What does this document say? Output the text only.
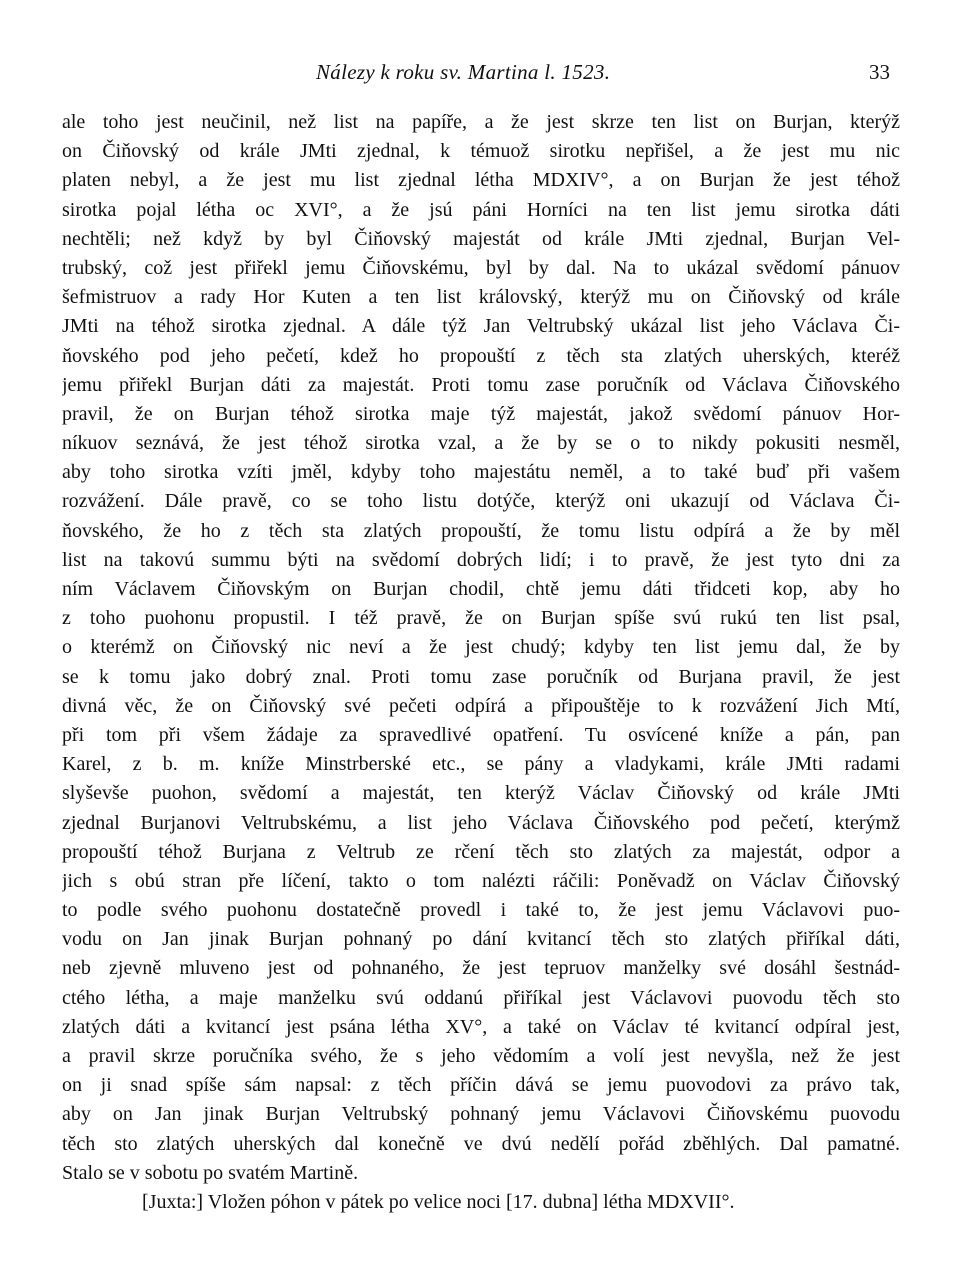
Nálezy k roku sv. Martina l. 1523.	33
ale toho jest neučinil, než list na papíře, a že jest skrze ten list on Burjan, kterýž
on Čiňovský od krále JMti zjednal, k témuož sirotku nepřišel, a že jest mu nic
platen nebyl, a že jest mu list zjednal létha MDXIV°, a on Burjan že jest téhož
sirotka pojal létha oc XVI°, a že jsú páni Horníci na ten list jemu sirotka dáti
nechtěli; než když by byl Čiňovský majestát od krále JMti zjednal, Burjan Vel-
trubský, což jest přiřekl jemu Čiňovskému, byl by dal. Na to ukázal svědomí pánuov
šefmistruov a rady Hor Kuten a ten list královský, kterýž mu on Čiňovský od krále
JMti na téhož sirotka zjednal. A dále týž Jan Veltrubský ukázal list jeho Václava Či-
ňovského pod jeho pečetí, kdež ho propouští z těch sta zlatých uherských, kteréž
jemu přiřekl Burjan dáti za majestát. Proti tomu zase poručník od Václava Čiňovského
pravil, že on Burjan téhož sirotka maje týž majestát, jakož svědomí pánuov Hor-
níkuov seznává, že jest téhož sirotka vzal, a že by se o to nikdy pokusiti nesměl,
aby toho sirotka vzíti jměl, kdyby toho majestátu neměl, a to také buď při vašem
rozvážení. Dále pravě, co se toho listu dotýče, kterýž oni ukazují od Václava Či-
ňovského, že ho z těch sta zlatých propouští, že tomu listu odpírá a že by měl
list na takovú summu býti na svědomí dobrých lidí; i to pravě, že jest tyto dni za
ním Václavem Čiňovským on Burjan chodil, chtě jemu dáti třidceti kop, aby ho
z toho puohonu propustil. I též pravě, že on Burjan spíše svú rukú ten list psal,
o kterémž on Čiňovský nic neví a že jest chudý; kdyby ten list jemu dal, že by
se k tomu jako dobrý znal. Proti tomu zase poručník od Burjana pravil, že jest
divná věc, že on Čiňovský své pečeti odpírá a připouštěje to k rozvážení Jich Mtí,
při tom při všem žádaje za spravedlivé opatření. Tu osvícené kníže a pán, pan
Karel, z b. m. kníže Minstrberské etc., se pány a vladykami, krále JMti radami
slyševše puohon, svědomí a majestát, ten kterýž Václav Čiňovský od krále JMti
zjednal Burjanovi Veltrubskému, a list jeho Václava Čiňovského pod pečetí, kterýmž
propouští téhož Burjana z Veltrub ze rčení těch sto zlatých za majestát, odpor a
jich s obú stran pře líčení, takto o tom nalézti ráčili: Poněvadž on Václav Čiňovský
to podle svého puohonu dostatečně provedl i také to, že jest jemu Václavovi puo-
vodu on Jan jinak Burjan pohnaný po dání kvitancí těch sto zlatých přiříkal dáti,
neb zjevně mluveno jest od pohnaného, že jest tepruov manželky své dosáhl šestnád-
ctého létha, a maje manželku svú oddanú přiříkal jest Václavovi puovodu těch sto
zlatých dáti a kvitancí jest psána létha XV°, a také on Václav té kvitancí odpíral jest,
a pravil skrze poručníka svého, že s jeho vědomím a volí jest nevyšla, než že jest
on ji snad spíše sám napsal: z těch příčin dává se jemu puovodovi za právo tak,
aby on Jan jinak Burjan Veltrubský pohnaný jemu Václavovi Čiňovskému puovodu
těch sto zlatých uherských dal konečně ve dvú nedělí pořád zběhlých. Dal pamatné.
Stalo se v sobotu po svatém Martině.
[Juxta:] Vložen póhon v pátek po velice noci [17. dubna] létha MDXVII°.
